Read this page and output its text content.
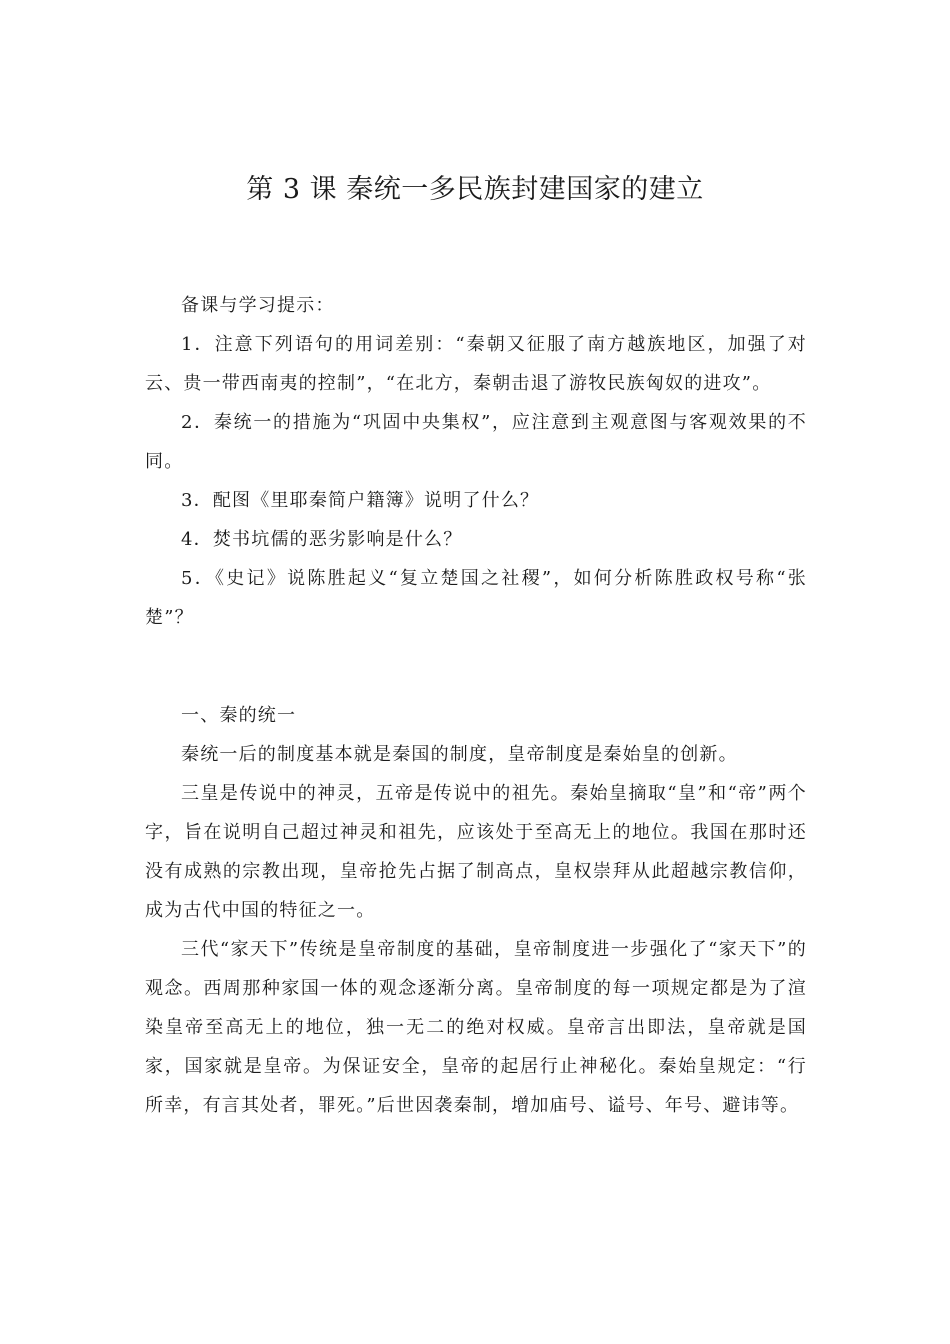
第 3 课 秦统一多民族封建国家的建立

备课与学习提示：

1．注意下列语句的用词差别：“秦朝又征服了南方越族地区，加强了对云、贵一带西南夷的控制”，“在北方，秦朝击退了游牧民族匈奴的进攻”。

2．秦统一的措施为“巩固中央集权”，应注意到主观意图与客观效果的不同。

3．配图《里耶秦简户籍簿》说明了什么？

4．焚书坑儒的恶劣影响是什么？

5．《史记》说陈胜起义“复立楚国之社稷”，如何分析陈胜政权号称“张楚”？

一、秦的统一

秦统一后的制度基本就是秦国的制度，皇帝制度是秦始皇的创新。

三皇是传说中的神灵，五帝是传说中的祖先。秦始皇摘取“皇”和“帝”两个字，旨在说明自己超过神灵和祖先，应该处于至高无上的地位。我国在那时还没有成熟的宗教出现，皇帝抢先占据了制高点，皇权崇拜从此超越宗教信仰，成为古代中国的特征之一。

三代“家天下”传统是皇帝制度的基础，皇帝制度进一步强化了“家天下”的观念。西周那种家国一体的观念逐渐分离。皇帝制度的每一项规定都是为了渲染皇帝至高无上的地位，独一无二的绝对权威。皇帝言出即法，皇帝就是国家，国家就是皇帝。为保证安全，皇帝的起居行止神秘化。秦始皇规定：“行所幸，有言其处者，罪死。”后世因袭秦制，增加庙号、谥号、年号、避讳等。
